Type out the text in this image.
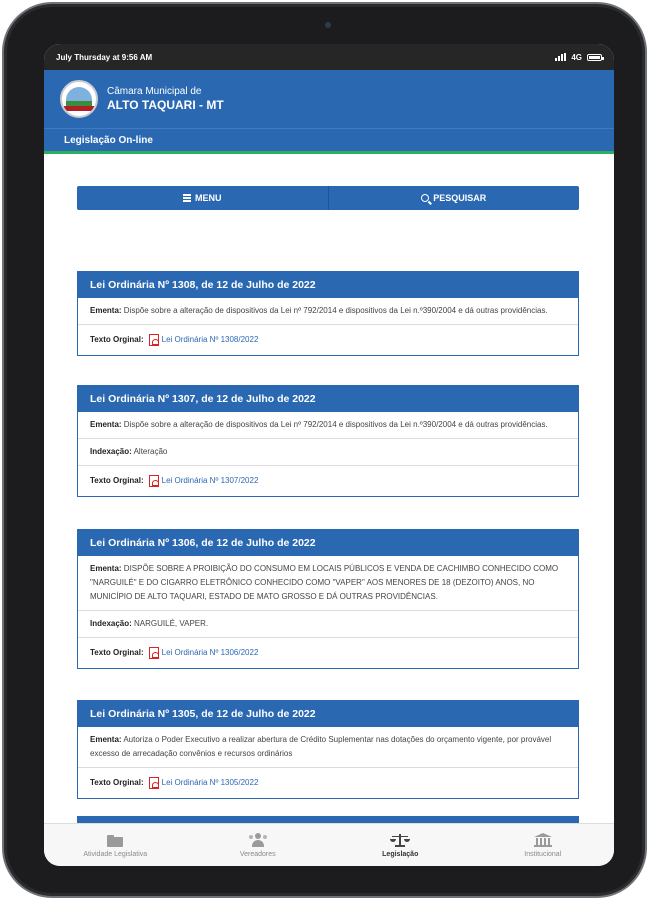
July Thursday at 9:56 AM	4G
Câmara Municipal de
ALTO TAQUARI - MT
Legislação On-line
MENU	PESQUISAR
Lei Ordinária Nº 1308, de 12 de Julho de 2022
Ementa: Dispõe sobre a alteração de dispositivos da Lei nº 792/2014 e dispositivos da Lei n.º390/2004 e dá outras providências.
Texto Orginal: Lei Ordinária Nº 1308/2022
Lei Ordinária Nº 1307, de 12 de Julho de 2022
Ementa: Dispõe sobre a alteração de dispositivos da Lei nº 792/2014 e dispositivos da Lei n.º390/2004 e dá outras providências.
Indexação: Alteração
Texto Orginal: Lei Ordinária Nº 1307/2022
Lei Ordinária Nº 1306, de 12 de Julho de 2022
Ementa: DISPÕE SOBRE A PROIBIÇÃO DO CONSUMO EM LOCAIS PÚBLICOS E VENDA DE CACHIMBO CONHECIDO COMO "NARGUILÉ" E DO CIGARRO ELETRÔNICO CONHECIDO COMO "VAPER" AOS MENORES DE 18 (DEZOITO) ANOS, NO MUNICÍPIO DE ALTO TAQUARI, ESTADO DE MATO GROSSO E DÁ OUTRAS PROVIDÊNCIAS.
Indexação: NARGUILÉ, VAPER.
Texto Orginal: Lei Ordinária Nº 1306/2022
Lei Ordinária Nº 1305, de 12 de Julho de 2022
Ementa: Autoriza o Poder Executivo a realizar abertura de Crédito Suplementar nas dotações do orçamento vigente, por provável excesso de arrecadação convênios e recursos ordinários
Texto Orginal: Lei Ordinária Nº 1305/2022
Atividade Legislativa	Vereadores	Legislação	Institucional
